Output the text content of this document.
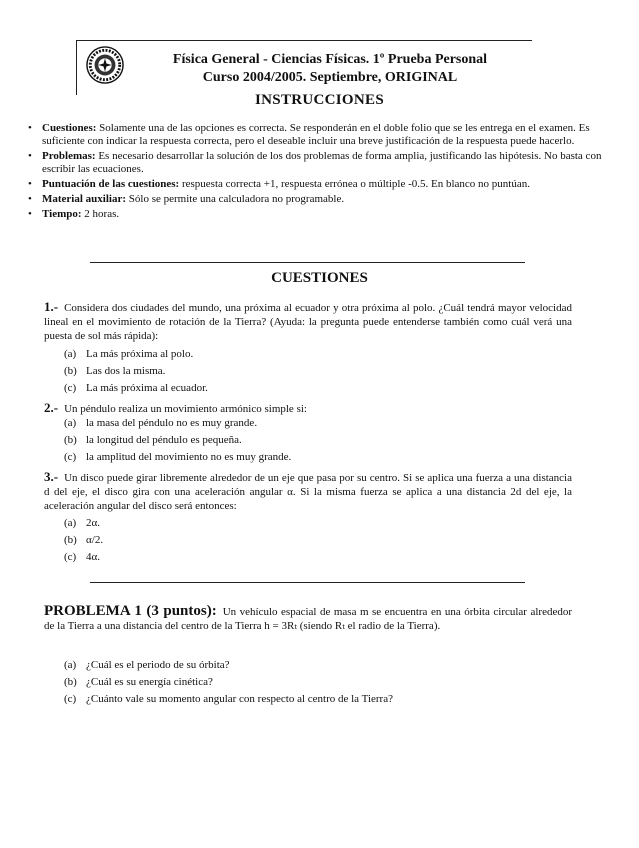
Física General - Ciencias Físicas. 1º Prueba Personal
Curso 2004/2005. Septiembre, ORIGINAL
INSTRUCCIONES
• Cuestiones: Solamente una de las opciones es correcta. Se responderán en el doble folio que se les entrega en el examen. Es suficiente con indicar la respuesta correcta, pero el deseable incluir una breve justificación de la respuesta puede hacerlo.
• Problemas: Es necesario desarrollar la solución de los dos problemas de forma amplia, justificando las hipótesis. No basta con escribir las ecuaciones.
• Puntuación de las cuestiones: respuesta correcta +1, respuesta errónea o múltiple -0.5. En blanco no puntúan.
• Material auxiliar: Sólo se permite una calculadora no programable.
• Tiempo: 2 horas.
CUESTIONES
1.- Considera dos ciudades del mundo, una próxima al ecuador y otra próxima al polo. ¿Cuál tendrá mayor velocidad lineal en el movimiento de rotación de la Tierra? (Ayuda: la pregunta puede entenderse también como cuál verá una puesta de sol más rápida):
(a) La más próxima al polo.
(b) Las dos la misma.
(c) La más próxima al ecuador.
2.- Un péndulo realiza un movimiento armónico simple si:
(a) la masa del péndulo no es muy grande.
(b) la longitud del péndulo es pequeña.
(c) la amplitud del movimiento no es muy grande.
3.- Un disco puede girar libremente alrededor de un eje que pasa por su centro. Si se aplica una fuerza a una distancia d del eje, el disco gira con una aceleración angular α. Si la misma fuerza se aplica a una distancia 2d del eje, la aceleración angular del disco será entonces:
(a) 2α.
(b) α/2.
(c) 4α.
PROBLEMA 1 (3 puntos): Un vehículo espacial de masa m se encuentra en una órbita circular alrededor de la Tierra a una distancia del centro de la Tierra h = 3Rₜ (siendo Rₜ el radio de la Tierra).
(a) ¿Cuál es el periodo de su órbita?
(b) ¿Cuál es su energía cinética?
(c) ¿Cuánto vale su momento angular con respecto al centro de la Tierra?
